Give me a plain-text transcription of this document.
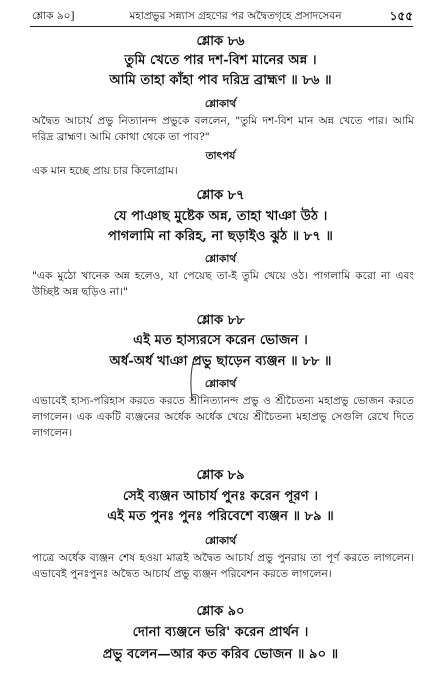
শ্লোক ৯০]	মহাপ্রভুর সন্ন্যাস গ্রহণের পর অদ্বৈতগৃহে প্রসাদসেবন	১৫৫
শ্লোক ৮৬
তুমি খেতে পার দশ-বিশ মানের অন্ন ।
আমি তাহা কাঁহা পাব দরিদ্র ব্রাহ্মণ ॥ ৮৬ ॥
শ্লোকার্থ
অদ্বৈত আচার্য প্রভু নিত্যানন্দ প্রভুকে বললেন, "তুমি দশ-বিশ মান অন্ন খেতে পার। আমি দরিদ্র ব্রাহ্মণ। আমি কোথা থেকে তা পাব?"
তাৎপর্য
এক মান হচ্ছে প্রায় চার কিলোগ্রাম।
শ্লোক ৮৭
যে পাঞাছ মুষ্টেক অন্ন, তাহা খাঞা উঠ ।
পাগলামি না করিহ, না ছড়াইও ঝুঠ ॥ ৮৭ ॥
শ্লোকার্থ
"এক মুঠো খানেক অন্ন হলেও, যা পেয়েছ তা-ই তুমি খেয়ে ওঠ। পাগলামি করো না এবং উচ্ছিষ্ট অন্ন ছড়িও না।"
শ্লোক ৮৮
এই মত হাস্যরসে করেন ভোজন ।
অর্ধ-অর্ধ খাঞা প্রভু ছাড়েন ব্যঞ্জন ॥ ৮৮ ॥
শ্লোকার্থ
এভাবেই হাস্য-পরিহাস করতে করতে শ্রীনিত্যানন্দ প্রভু ও শ্রীচৈতন্য মহাপ্রভু ভোজন করতে লাগলেন। এক একটি ব্যঞ্জনের অর্ধেক অর্ধেক খেয়ে শ্রীচৈতন্য মহাপ্রভু সেগুলি রেখে দিতে লাগলেন।
শ্লোক ৮৯
সেই ব্যঞ্জন আচার্য পুনঃ করেন পূরণ ।
এই মত পুনঃ পুনঃ পরিবেশে ব্যঞ্জন ॥ ৮৯ ॥
শ্লোকার্থ
পাত্রে অর্ধেক ব্যঞ্জন শেষ হওয়া মাত্রই অদ্বৈত আচার্য প্রভু পুনরায় তা পূর্ণ করতে লাগলেন। এভাবেই পুনঃপুনঃ অদ্বৈত আচার্য প্রভু ব্যঞ্জন পরিবেশন করতে লাগলেন।
শ্লোক ৯০
দোনা ব্যঞ্জনে ভরি' করেন প্রার্থন ।
প্রভু বলেন—আর কত করিব ভোজন ॥ ৯০ ॥
